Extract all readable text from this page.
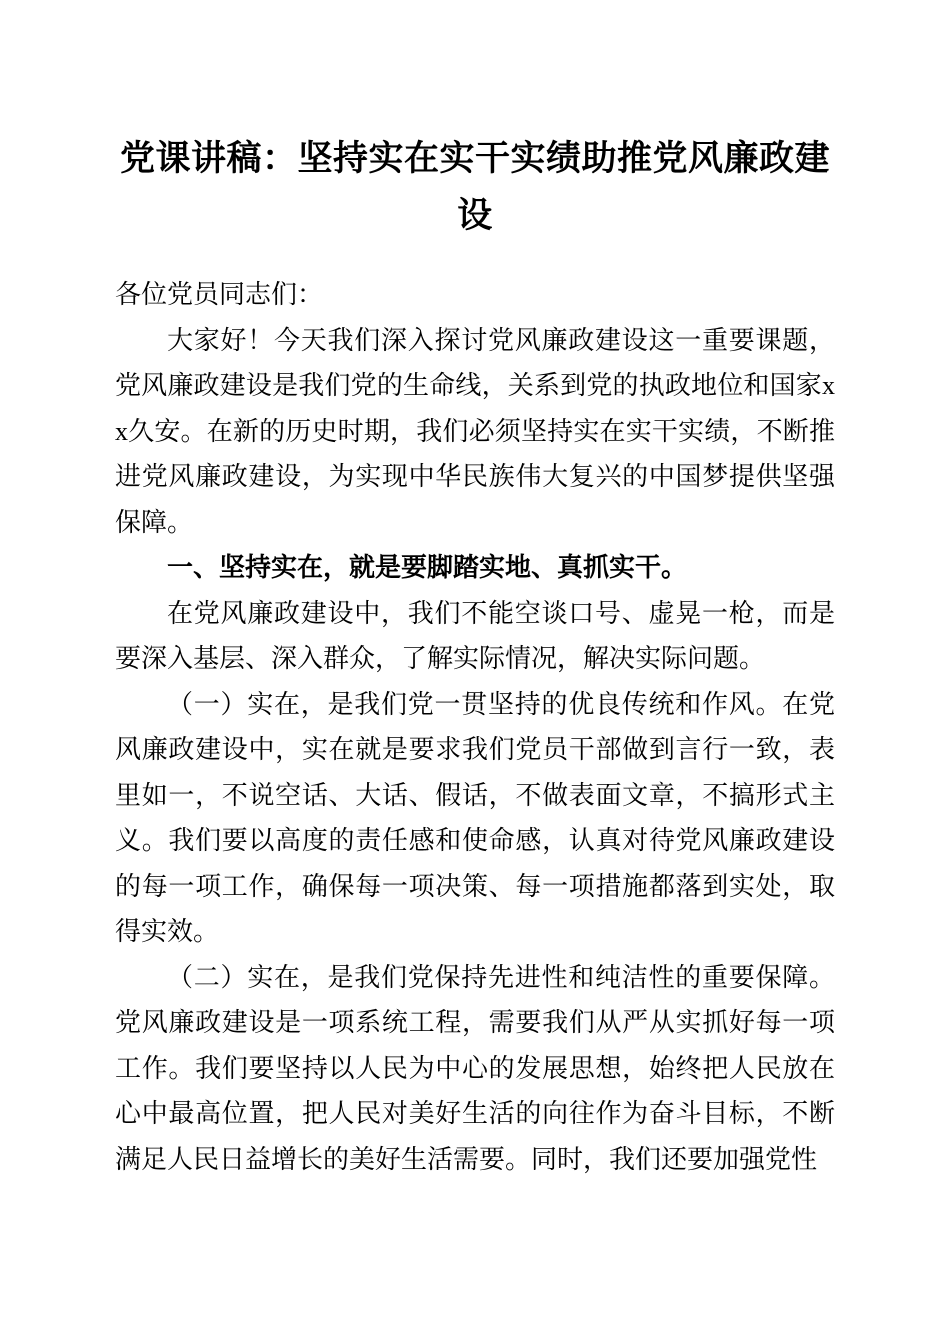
党课讲稿：坚持实在实干实绩助推党风廉政建设

各位党员同志们：

大家好！今天我们深入探讨党风廉政建设这一重要课题，党风廉政建设是我们党的生命线，关系到党的执政地位和国家xx久安。在新的历史时期，我们必须坚持实在实干实绩，不断推进党风廉政建设，为实现中华民族伟大复兴的中国梦提供坚强保障。

一、坚持实在，就是要脚踏实地、真抓实干。

在党风廉政建设中，我们不能空谈口号、虚晃一枪，而是要深入基层、深入群众，了解实际情况，解决实际问题。

（一）实在，是我们党一贯坚持的优良传统和作风。在党风廉政建设中，实在就是要求我们党员干部做到言行一致，表里如一，不说空话、大话、假话，不做表面文章，不搞形式主义。我们要以高度的责任感和使命感，认真对待党风廉政建设的每一项工作，确保每一项决策、每一项措施都落到实处，取得实效。

（二）实在，是我们党保持先进性和纯洁性的重要保障。党风廉政建设是一项系统工程，需要我们从严从实抓好每一项工作。我们要坚持以人民为中心的发展思想，始终把人民放在心中最高位置，把人民对美好生活的向往作为奋斗目标，不断满足人民日益增长的美好生活需要。同时，我们还要加强党性
